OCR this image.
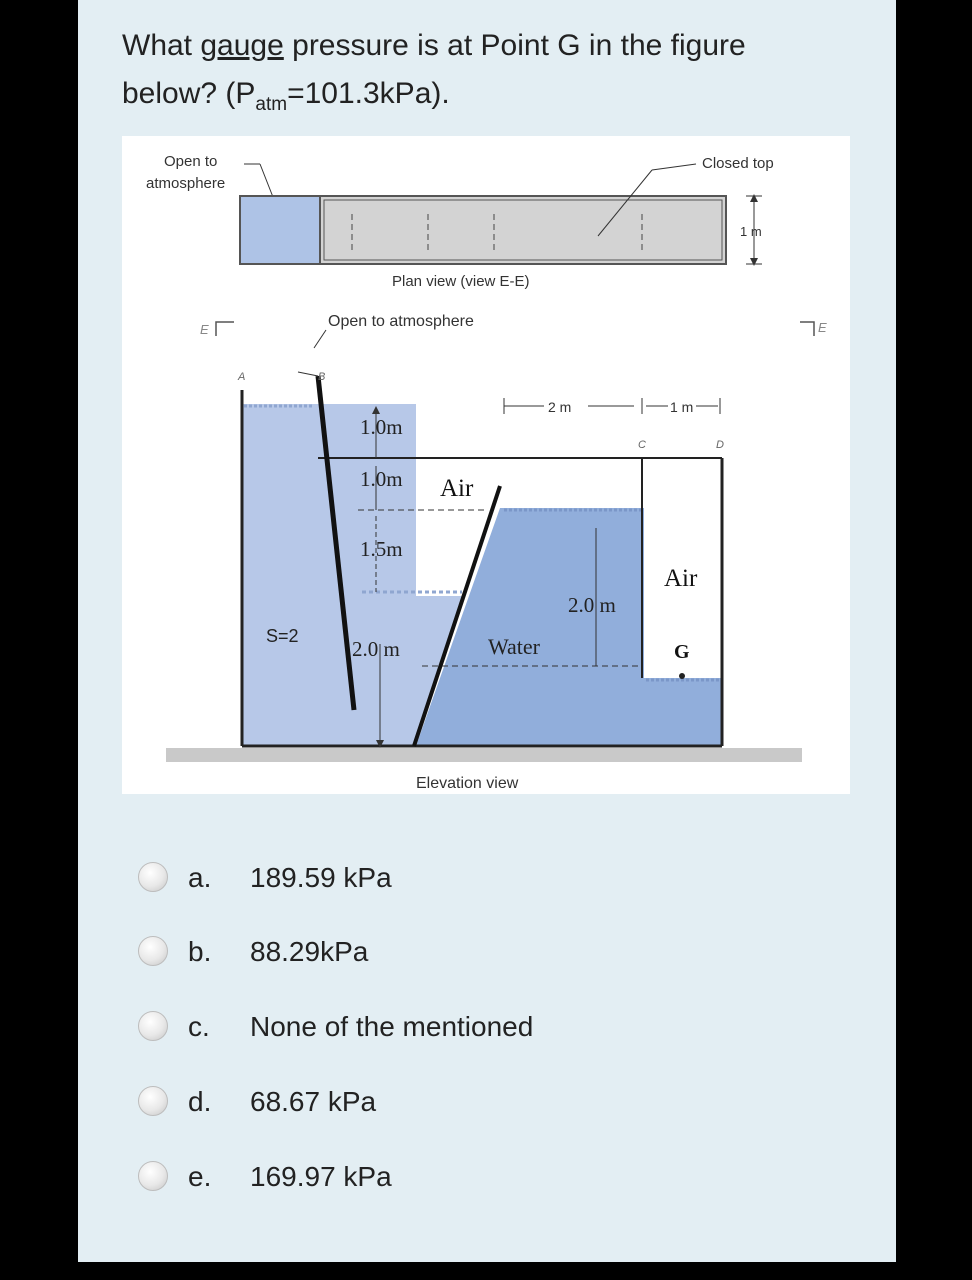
What gauge pressure is at Point G in the figure
below? $(P_{atm}=101.3kPa)$.
Open to
atmosphere
Closed top
1 m
Plan view (view E-E)
E	E
Open to atmosphere
A	B
C	D
1.0m
1.0m
1.5m
2.0 m
Air
S=2
2 m	1 m
2.0 m
Water
Air
G
Elevation view
a. 189.59 kPa
b. 88.29kPa
c. None of the mentioned
d. 68.67 kPa
e. 169.97 kPa
